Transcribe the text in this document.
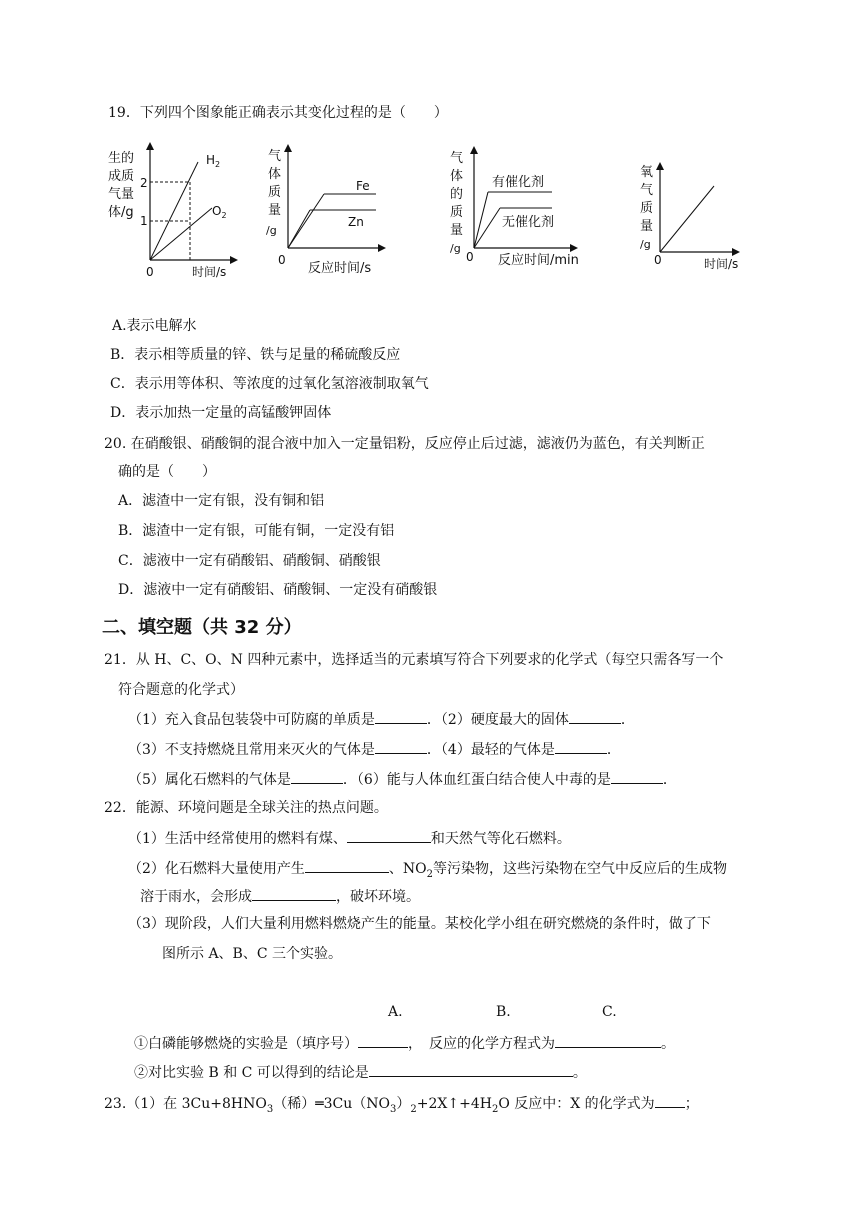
19．下列四个图象能正确表示其变化过程的是（　　）
生的
成质
气量
体/g
2
1
$H_2$
$O_2$
0	时间/s
气
体
质
量
/g
Fe
Zn
0
反应时间/s
气
体
的
质
量
/g
有催化剂
无催化剂
0 反应时间/min
氧
气
质
量
/g
0	时间/s
A.表示电解水
B．表示相等质量的锌、铁与足量的稀硫酸反应
C．表示用等体积、等浓度的过氧化氢溶液制取氧气
D．表示加热一定量的高锰酸钾固体
20. 在硝酸银、硝酸铜的混合液中加入一定量铝粉，反应停止后过滤，滤液仍为蓝色，有关判断正
确的是（　　）
A．滤渣中一定有银，没有铜和铝
B．滤渣中一定有银，可能有铜，一定没有铝
C．滤液中一定有硝酸铝、硝酸铜、硝酸银
D．滤液中一定有硝酸铝、硝酸铜、一定没有硝酸银
二、填空题（共 32 分）
21．从 H、C、O、N 四种元素中，选择适当的元素填写符合下列要求的化学式（每空只需各写一个
符合题意的化学式）
（1）充入食品包装袋中可防腐的单质是	．（2）硬度最大的固体	．
（3）不支持燃烧且常用来灭火的气体是	．（4）最轻的气体是	．
（5）属化石燃料的气体是	．（6）能与人体血红蛋白结合使人中毒的是	．
22．能源、环境问题是全球关注的热点问题。
（1）生活中经常使用的燃料有煤、	和天然气等化石燃料。
（2）化石燃料大量使用产生	、$NO_2$等污染物，这些污染物在空气中反应后的生成物
溶于雨水，会形成	，破坏环境。
（3）现阶段，人们大量利用燃料燃烧产生的能量。某校化学小组在研究燃烧的条件时，做了下
图所示 A、B、C 三个实验。
A.	B.	C.
①白磷能够燃烧的实验是（填序号）	，　反应的化学方程式为	。
②对比实验 B 和 C 可以得到的结论是	。
23.（1）在 $3Cu+8HNO_3$（稀）$═3Cu(NO_3)_2+2X↑+4H_2O$ 反应中：X 的化学式为 ；
